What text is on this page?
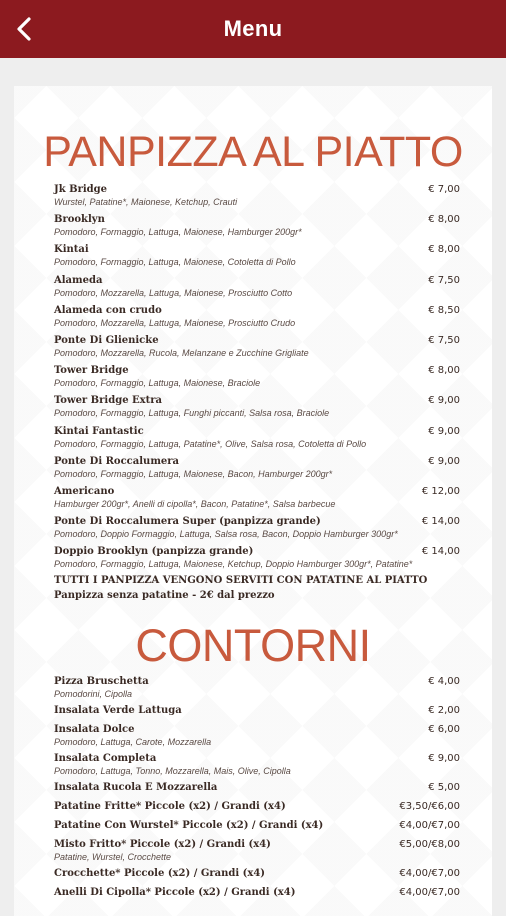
Menu
PANPIZZA AL PIATTO
Jk Bridge
Wurstel, Patatine*, Maionese, Ketchup, Crauti
€ 7,00
Brooklyn
Pomodoro, Formaggio, Lattuga, Maionese, Hamburger 200gr*
€ 8,00
Kintai
Pomodoro, Formaggio, Lattuga, Maionese, Cotoletta di Pollo
€ 8,00
Alameda
Pomodoro, Mozzarella, Lattuga, Maionese, Prosciutto Cotto
€ 7,50
Alameda con crudo
Pomodoro, Mozzarella, Lattuga, Maionese, Prosciutto Crudo
€ 8,50
Ponte Di Glienicke
Pomodoro, Mozzarella, Rucola, Melanzane e Zucchine Grigliate
€ 7,50
Tower Bridge
Pomodoro, Formaggio, Lattuga, Maionese, Braciole
€ 8,00
Tower Bridge Extra
Pomodoro, Formaggio, Lattuga, Funghi piccanti, Salsa rosa, Braciole
€ 9,00
Kintai Fantastic
Pomodoro, Formaggio, Lattuga, Patatine*, Olive, Salsa rosa, Cotoletta di Pollo
€ 9,00
Ponte Di Roccalumera
Pomodoro, Formaggio, Lattuga, Maionese, Bacon, Hamburger 200gr*
€ 9,00
Americano
Hamburger 200gr*, Anelli di cipolla*, Bacon, Patatine*, Salsa barbecue
€ 12,00
Ponte Di Roccalumera Super (panpizza grande)
Pomodoro, Doppio Formaggio, Lattuga, Salsa rosa, Bacon, Doppio Hamburger 300gr*
€ 14,00
Doppio Brooklyn (panpizza grande)
Pomodoro, Formaggio, Lattuga, Maionese, Ketchup, Doppio Hamburger 300gr*, Patatine*
€ 14,00
TUTTI I PANPIZZA VENGONO SERVITI CON PATATINE AL PIATTO
Panpizza senza patatine - 2€ dal prezzo
CONTORNI
Pizza Bruschetta
Pomodorini, Cipolla
€ 4,00
Insalata Verde Lattuga	€ 2,00
Insalata Dolce
Pomodoro, Lattuga, Carote, Mozzarella
€ 6,00
Insalata Completa
Pomodoro, Lattuga, Tonno, Mozzarella, Mais, Olive, Cipolla
€ 9,00
Insalata Rucola E Mozzarella	€ 5,00
Patatine Fritte* Piccole (x2) / Grandi (x4)	€3,50/€6,00
Patatine Con Wurstel* Piccole (x2) / Grandi (x4)	€4,00/€7,00
Misto Fritto* Piccole (x2) / Grandi (x4)
Patatine, Wurstel, Crocchette
€5,00/€8,00
Crocchette* Piccole (x2) / Grandi (x4)	€4,00/€7,00
Anelli Di Cipolla* Piccole (x2) / Grandi (x4)	€4,00/€7,00
